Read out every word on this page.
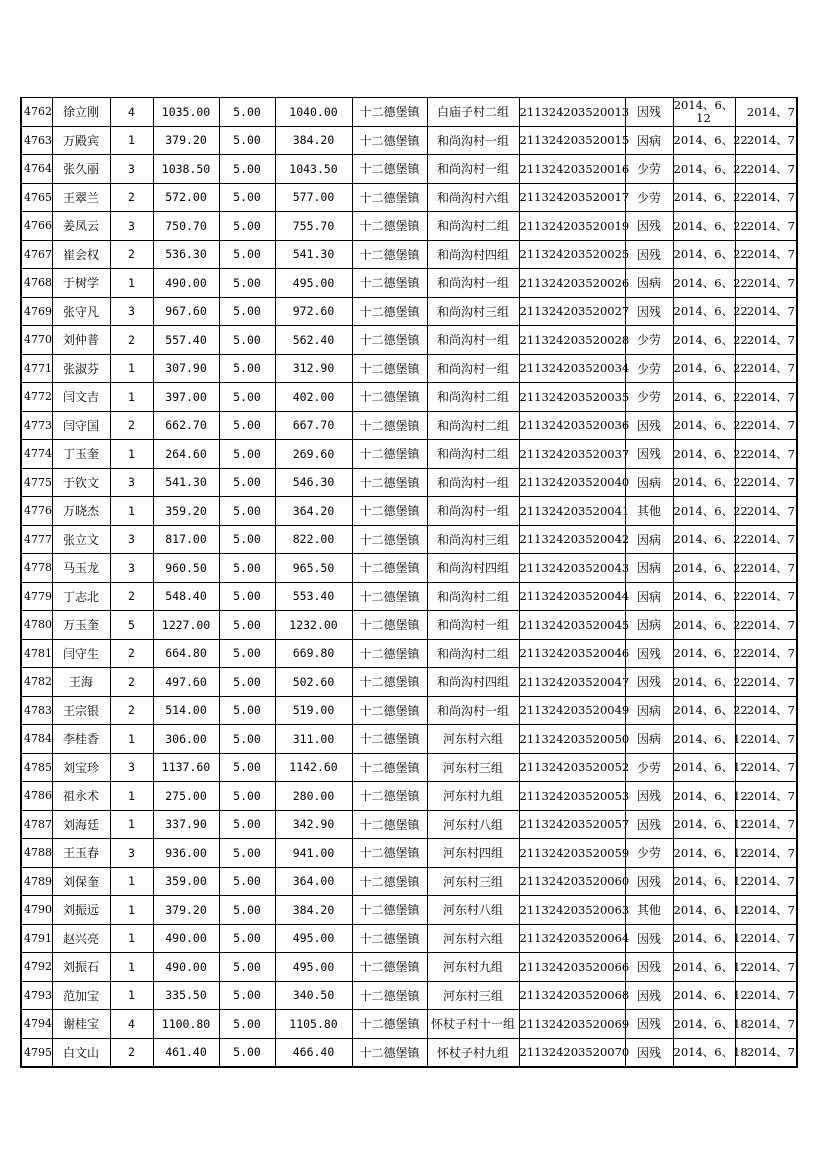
4762	徐立刚	4	1035.00	5.00	1040.00	十二德堡镇	白庙子村二组	211324203520013	因残	2014、6、12	2014、7
4763	万殿宾	1	379.20	5.00	384.20	十二德堡镇	和尚沟村一组	211324203520015	因病	2014、6、22	2014、7
4764	张久丽	3	1038.50	5.00	1043.50	十二德堡镇	和尚沟村一组	211324203520016	少劳	2014、6、22	2014、7
4765	王翠兰	2	572.00	5.00	577.00	十二德堡镇	和尚沟村六组	211324203520017	少劳	2014、6、22	2014、7
4766	姜凤云	3	750.70	5.00	755.70	十二德堡镇	和尚沟村二组	211324203520019	因残	2014、6、22	2014、7
4767	崔会权	2	536.30	5.00	541.30	十二德堡镇	和尚沟村四组	211324203520025	因残	2014、6、22	2014、7
4768	于树学	1	490.00	5.00	495.00	十二德堡镇	和尚沟村一组	211324203520026	因病	2014、6、22	2014、7
4769	张守凡	3	967.60	5.00	972.60	十二德堡镇	和尚沟村三组	211324203520027	因残	2014、6、22	2014、7
4770	刘仲普	2	557.40	5.00	562.40	十二德堡镇	和尚沟村一组	211324203520028	少劳	2014、6、22	2014、7
4771	张淑芬	1	307.90	5.00	312.90	十二德堡镇	和尚沟村一组	211324203520034	少劳	2014、6、22	2014、7
4772	闫文吉	1	397.00	5.00	402.00	十二德堡镇	和尚沟村二组	211324203520035	少劳	2014、6、22	2014、7
4773	闫守国	2	662.70	5.00	667.70	十二德堡镇	和尚沟村二组	211324203520036	因残	2014、6、22	2014、7
4774	丁玉奎	1	264.60	5.00	269.60	十二德堡镇	和尚沟村二组	211324203520037	因残	2014、6、22	2014、7
4775	于钦文	3	541.30	5.00	546.30	十二德堡镇	和尚沟村一组	211324203520040	因病	2014、6、22	2014、7
4776	万晓杰	1	359.20	5.00	364.20	十二德堡镇	和尚沟村一组	211324203520041	其他	2014、6、22	2014、7
4777	张立文	3	817.00	5.00	822.00	十二德堡镇	和尚沟村三组	211324203520042	因病	2014、6、22	2014、7
4778	马玉龙	3	960.50	5.00	965.50	十二德堡镇	和尚沟村四组	211324203520043	因病	2014、6、22	2014、7
4779	丁志北	2	548.40	5.00	553.40	十二德堡镇	和尚沟村二组	211324203520044	因病	2014、6、22	2014、7
4780	万玉奎	5	1227.00	5.00	1232.00	十二德堡镇	和尚沟村一组	211324203520045	因病	2014、6、22	2014、7
4781	闫守生	2	664.80	5.00	669.80	十二德堡镇	和尚沟村二组	211324203520046	因残	2014、6、22	2014、7
4782	王海	2	497.60	5.00	502.60	十二德堡镇	和尚沟村四组	211324203520047	因残	2014、6、22	2014、7
4783	王宗银	2	514.00	5.00	519.00	十二德堡镇	和尚沟村一组	211324203520049	因病	2014、6、22	2014、7
4784	李桂香	1	306.00	5.00	311.00	十二德堡镇	河东村六组	211324203520050	因病	2014、6、12	2014、7
4785	刘宝珍	3	1137.60	5.00	1142.60	十二德堡镇	河东村三组	211324203520052	少劳	2014、6、12	2014、7
4786	祖永术	1	275.00	5.00	280.00	十二德堡镇	河东村九组	211324203520053	因残	2014、6、12	2014、7
4787	刘海廷	1	337.90	5.00	342.90	十二德堡镇	河东村八组	211324203520057	因残	2014、6、12	2014、7
4788	王玉春	3	936.00	5.00	941.00	十二德堡镇	河东村四组	211324203520059	少劳	2014、6、12	2014、7
4789	刘保奎	1	359.00	5.00	364.00	十二德堡镇	河东村三组	211324203520060	因残	2014、6、12	2014、7
4790	刘振远	1	379.20	5.00	384.20	十二德堡镇	河东村八组	211324203520063	其他	2014、6、12	2014、7
4791	赵兴亮	1	490.00	5.00	495.00	十二德堡镇	河东村六组	211324203520064	因残	2014、6、12	2014、7
4792	刘振石	1	490.00	5.00	495.00	十二德堡镇	河东村九组	211324203520066	因残	2014、6、12	2014、7
4793	范加宝	1	335.50	5.00	340.50	十二德堡镇	河东村三组	211324203520068	因残	2014、6、12	2014、7
4794	谢桂宝	4	1100.80	5.00	1105.80	十二德堡镇	怀杖子村十一组	211324203520069	因残	2014、6、18	2014、7
4795	白文山	2	461.40	5.00	466.40	十二德堡镇	怀杖子村九组	211324203520070	因残	2014、6、18	2014、7
